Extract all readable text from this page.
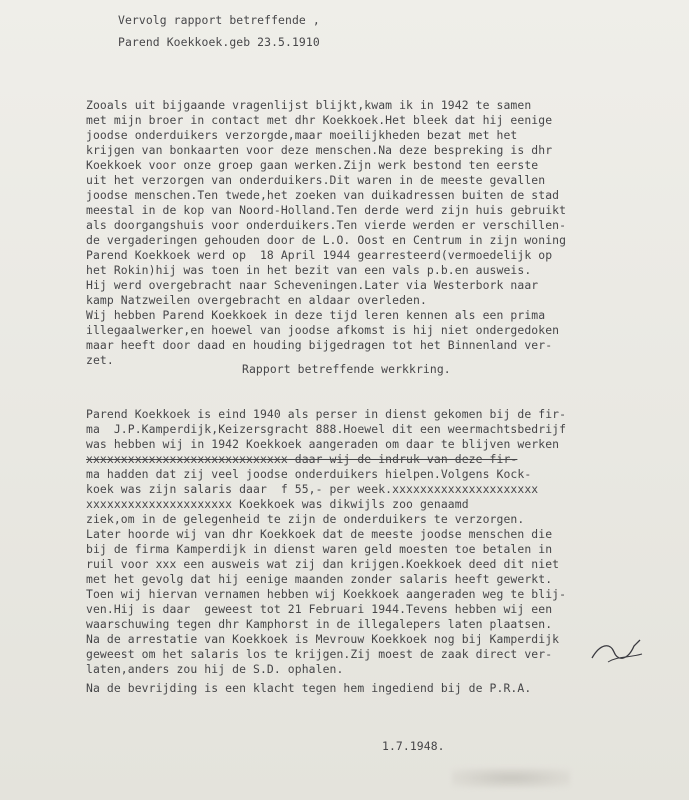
Vervolg rapport betreffende ,
Parend Koekkoek.geb 23.5.1910
Zooals uit bijgaande vragenlijst blijkt,kwam ik in 1942 te samen
met mijn broer in contact met dhr Koekkoek.Het bleek dat hij eenige
joodse onderduikers verzorgde,maar moeilijkheden bezat met het
krijgen van bonkaarten voor deze menschen.Na deze bespreking is dhr
Koekkoek voor onze groep gaan werken.Zijn werk bestond ten eerste
uit het verzorgen van onderduikers.Dit waren in de meeste gevallen
joodse menschen.Ten twede,het zoeken van duikadressen buiten de stad
meestal in de kop van Noord-Holland.Ten derde werd zijn huis gebruikt
als doorgangshuis voor onderduikers.Ten vierde werden er verschillen-
de vergaderingen gehouden door de L.O. Oost en Centrum in zijn woning
Parend Koekkoek werd op  18 April 1944 gearresteerd(vermoedelijk op
het Rokin)hij was toen in het bezit van een vals p.b.en ausweis.
Hij werd overgebracht naar Scheveningen.Later via Westerbork naar
kamp Natzweilen overgebracht en aldaar overleden.
Wij hebben Parend Koekkoek in deze tijd leren kennen als een prima
illegaalwerker,en hoewel van joodse afkomst is hij niet ondergedoken
maar heeft door daad en houding bijgedragen tot het Binnenland ver-
zet.
Rapport betreffende werkkring.
Parend Koekkoek is eind 1940 als perser in dienst gekomen bij de fir-
ma  J.P.Kamperdijk,Keizersgracht 888.Hoewel dit een weermachtsbedrijf
was hebben wij in 1942 Koekkoek aangeraden om daar te blijven werken
xxxxxxxxxxxxxxxxxxxxxxxxxxxxx daar wij de indruk van deze fir-
ma hadden dat zij veel joodse onderduikers hielpen.Volgens Kock-
koek was zijn salaris daar  f 55,- per week.xxxxxxxxxxxxxxxxxxxxx
xxxxxxxxxxxxxxxxxxxxx Koekkoek was dikwijls zoo genaamd
ziek,om in de gelegenheid te zijn de onderduikers te verzorgen.
Later hoorde wij van dhr Koekkoek dat de meeste joodse menschen die
bij de firma Kamperdijk in dienst waren geld moesten toe betalen in
ruil voor xxx een ausweis wat zij dan krijgen.Koekkoek deed dit niet
met het gevolg dat hij eenige maanden zonder salaris heeft gewerkt.
Toen wij hiervan vernamen hebben wij Koekkoek aangeraden weg te blij-
ven.Hij is daar  geweest tot 21 Februari 1944.Tevens hebben wij een
waarschuwing tegen dhr Kamphorst in de illegalepers laten plaatsen.
Na de arrestatie van Koekkoek is Mevrouw Koekkoek nog bij Kamperdijk
geweest om het salaris los te krijgen.Zij moest de zaak direct ver-
laten,anders zou hij de S.D. ophalen.
Na de bevrijding is een klacht tegen hem ingediend bij de P.R.A.
1.7.1948.
